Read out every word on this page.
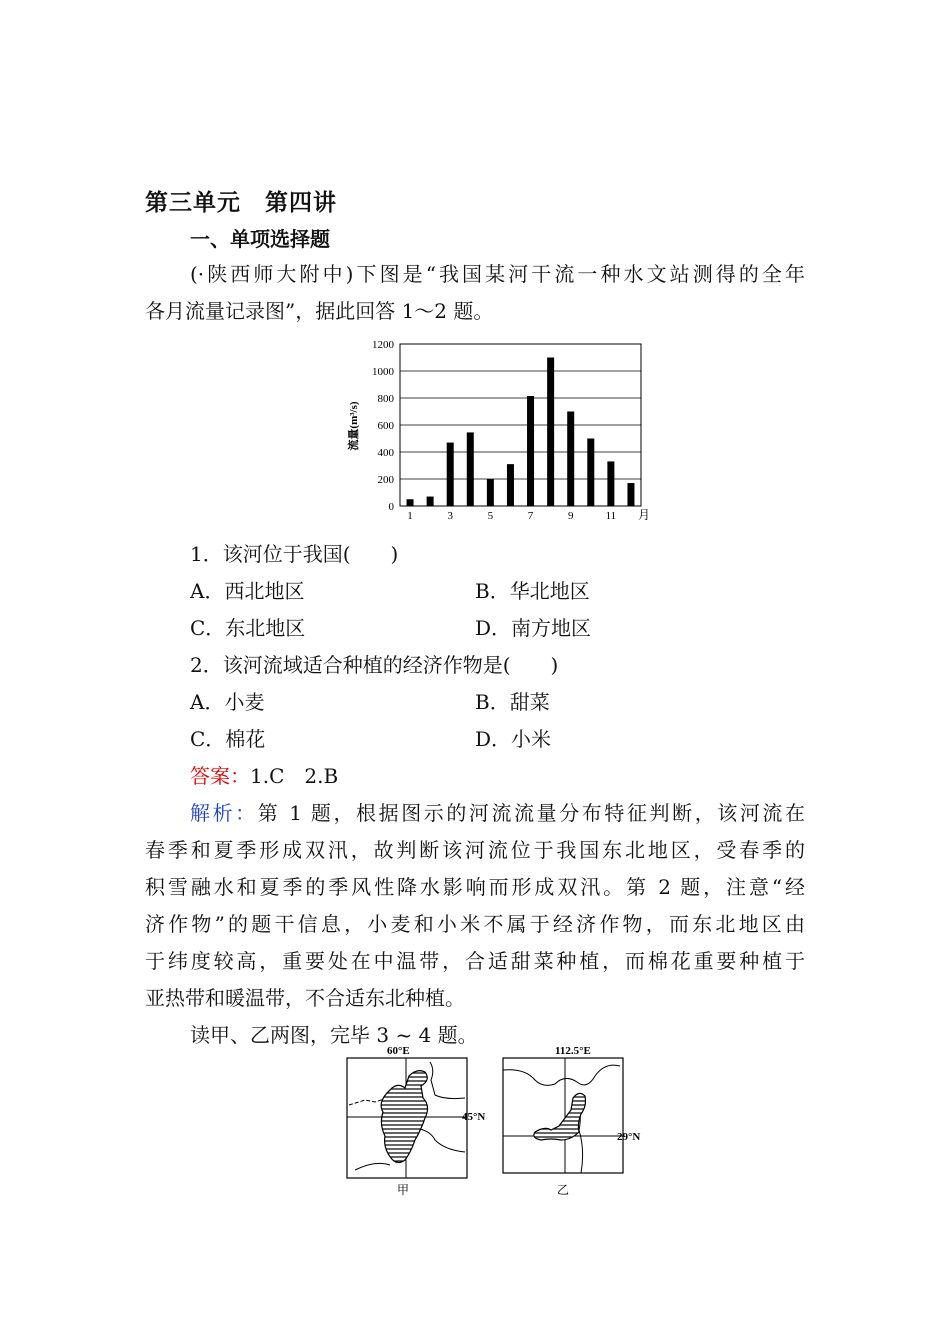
第三单元　第四讲
一、单项选择题
(·陕西师大附中)下图是“我国某河干流一种水文站测得的全年
各月流量记录图”，据此回答 1～2 题。
0
200
400
600
800
1000
1200
1	3	5	7	9	11
流量(m³/s)
月
1．该河位于我国(　　)
A．西北地区	B．华北地区
C．东北地区	D．南方地区
2．该河流域适合种植的经济作物是(　　)
A．小麦	B．甜菜
C．棉花	D．小米
答案：1.C　2.B
解析：第 1 题，根据图示的河流流量分布特征判断，该河流在
春季和夏季形成双汛，故判断该河流位于我国东北地区，受春季的
积雪融水和夏季的季风性降水影响而形成双汛。第 2 题，注意“经
济作物”的题干信息，小麦和小米不属于经济作物，而东北地区由
于纬度较高，重要处在中温带，合适甜菜种植，而棉花重要种植于
亚热带和暖温带，不合适东北种植。
读甲、乙两图，完毕 3 ~ 4 题。
60°E
45°N
甲
112.5°E
29°N
乙
